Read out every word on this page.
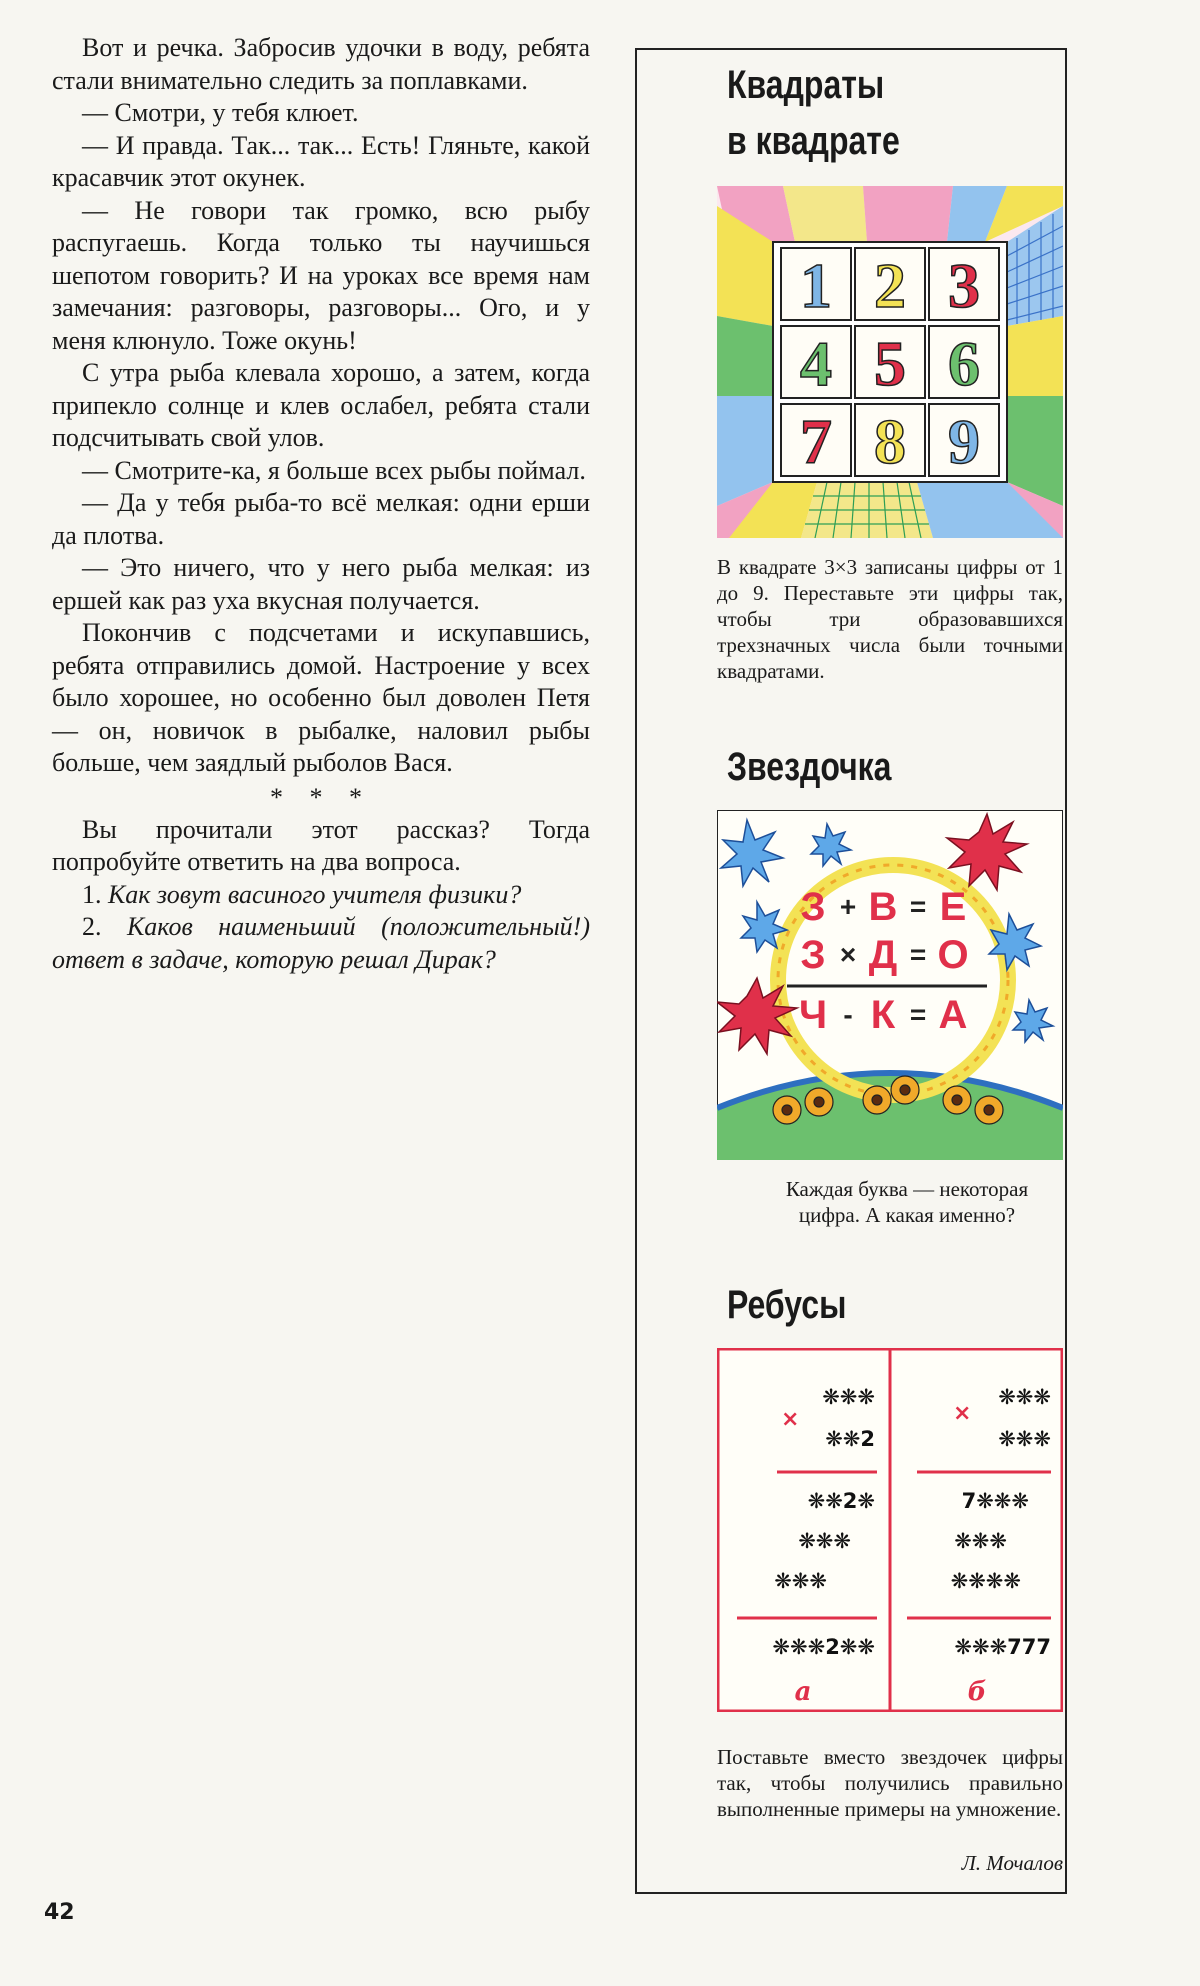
Вот и речка. Забросив удочки в воду, ребята стали внимательно следить за поплавками.

— Смотри, у тебя клюет.

— И правда. Так... так... Есть! Гляньте, какой красавчик этот окунек.

— Не говори так громко, всю рыбу распугаешь. Когда только ты научишься шепотом говорить? И на уроках все время нам замечания: разговоры, разговоры... Ого, и у меня клюнуло. Тоже окунь!

С утра рыба клевала хорошо, а затем, когда припекло солнце и клев ослабел, ребята стали подсчитывать свой улов.

— Смотрите-ка, я больше всех рыбы поймал.

— Да у тебя рыба-то всё мелкая: одни ерши да плотва.

— Это ничего, что у него рыба мелкая: из ершей как раз уха вкусная получается.

Покончив с подсчетами и искупавшись, ребята отправились домой. Настроение у всех было хорошее, но особенно был доволен Петя — он, новичок в рыбалке, наловил рыбы больше, чем заядлый рыболов Вася.

* * *

Вы прочитали этот рассказ? Тогда попробуйте ответить на два вопроса.

1. Как зовут васиного учителя физики?

2. Каков наименьший (положительный!) ответ в задаче, которую решал Дирак?

42
Квадраты
в квадрате
1 2 3
4 5 6
7 8 9
В квадрате 3×3 записаны цифры от 1 до 9. Переставьте эти цифры так, чтобы три образовавшихся трехзначных числа были точными квадратами.
Звездочка
З + В = Е
З × Д = О
Ч - К = А
Каждая буква — некоторая цифра. А какая именно?
Ребусы
❋❋❋
❋❋2
❋❋2❋
❋❋❋
❋❋❋
❋❋❋2❋❋
×
а
❋❋❋
❋❋❋
7❋❋❋
❋❋❋
❋❋❋❋
❋❋❋777
×
б
Поставьте вместо звездочек цифры так, чтобы получились правильно выполненные примеры на умножение.
Л. Мочалов
